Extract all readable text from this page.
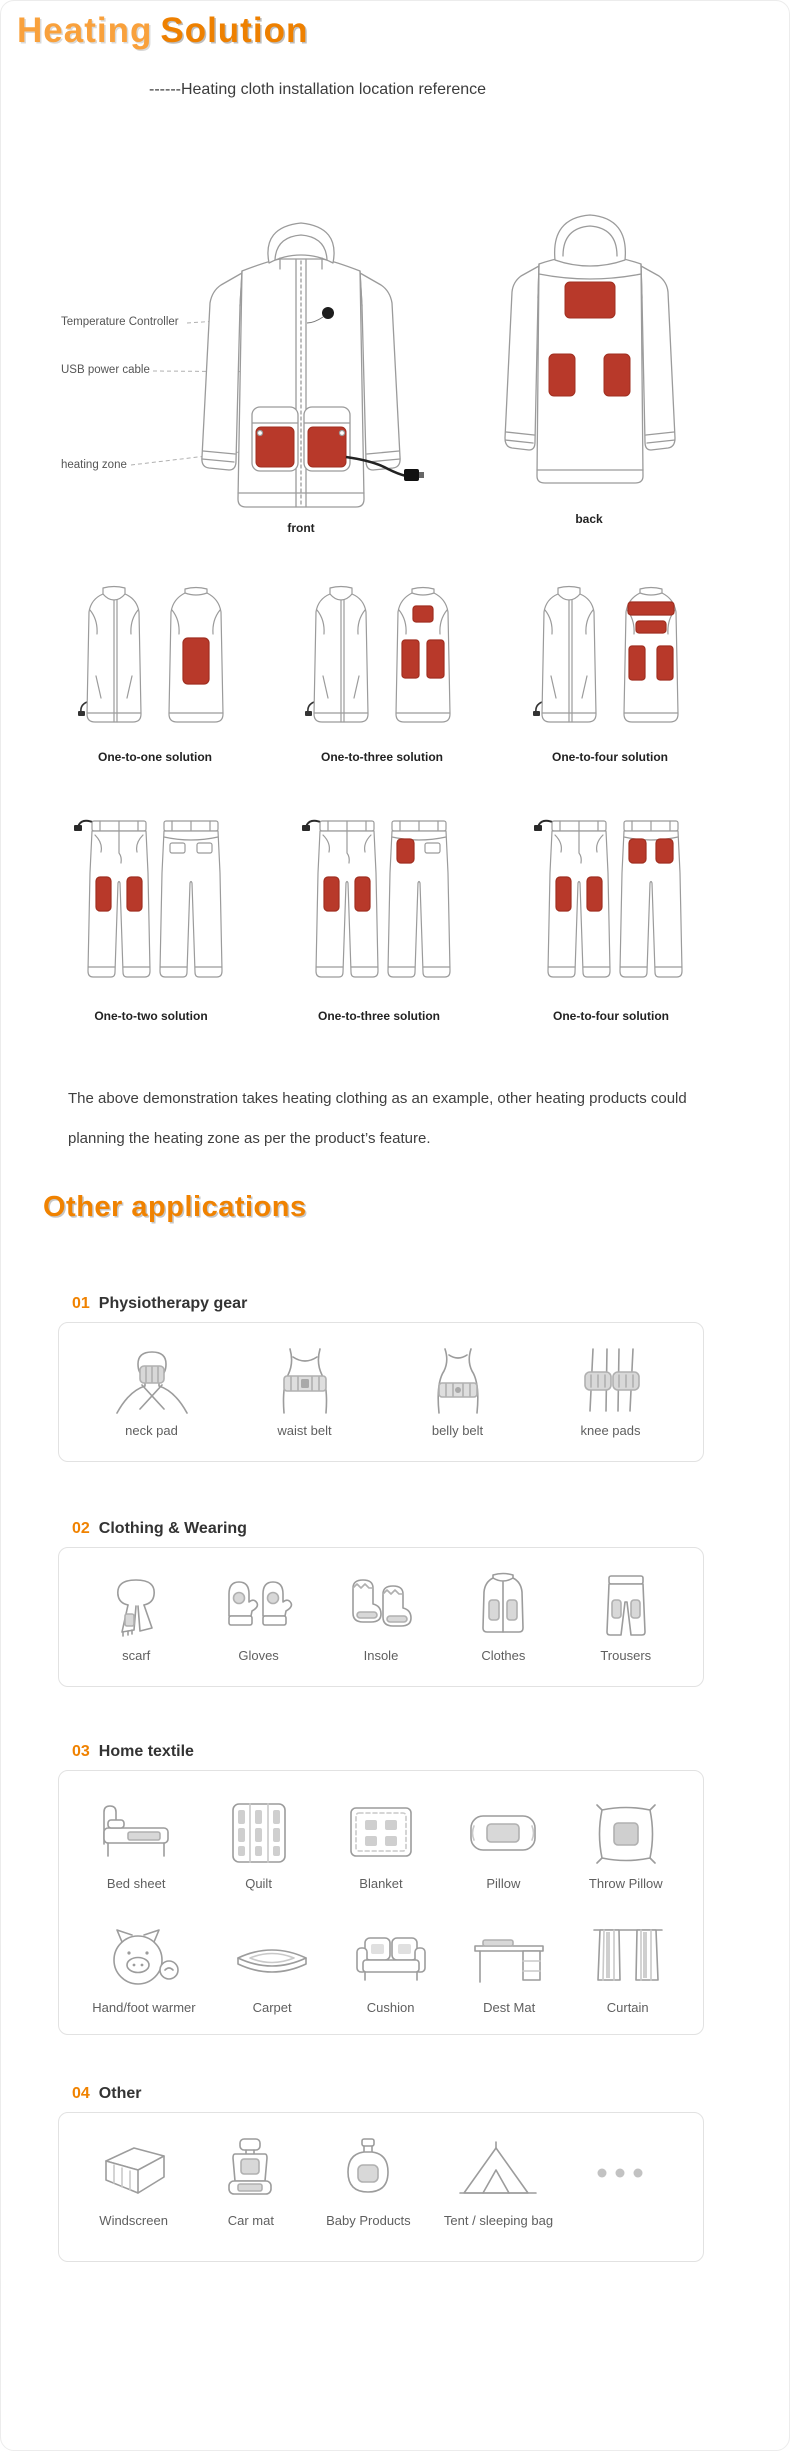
Heating Solution
------Heating cloth installation location reference
Temperature Controller
USB power cable
heating zone
front
back
One-to-one solution	One-to-three solution	One-to-four solution
One-to-two solution	One-to-three solution	One-to-four solution
The above demonstration takes heating clothing as an example, other heating products could
planning the heating zone as per the product’s feature.
Other applications
01 Physiotherapy gear
neck pad	waist belt	belly belt	knee pads
02 Clothing & Wearing
scarf	Gloves	Insole	Clothes	Trousers
03 Home textile
Bed sheet	Quilt	Blanket	Pillow	Throw Pillow
Hand/foot warmer	Carpet	Cushion	Dest Mat	Curtain
04 Other
Windscreen	Car mat	Baby Products	Tent / sleeping bag
